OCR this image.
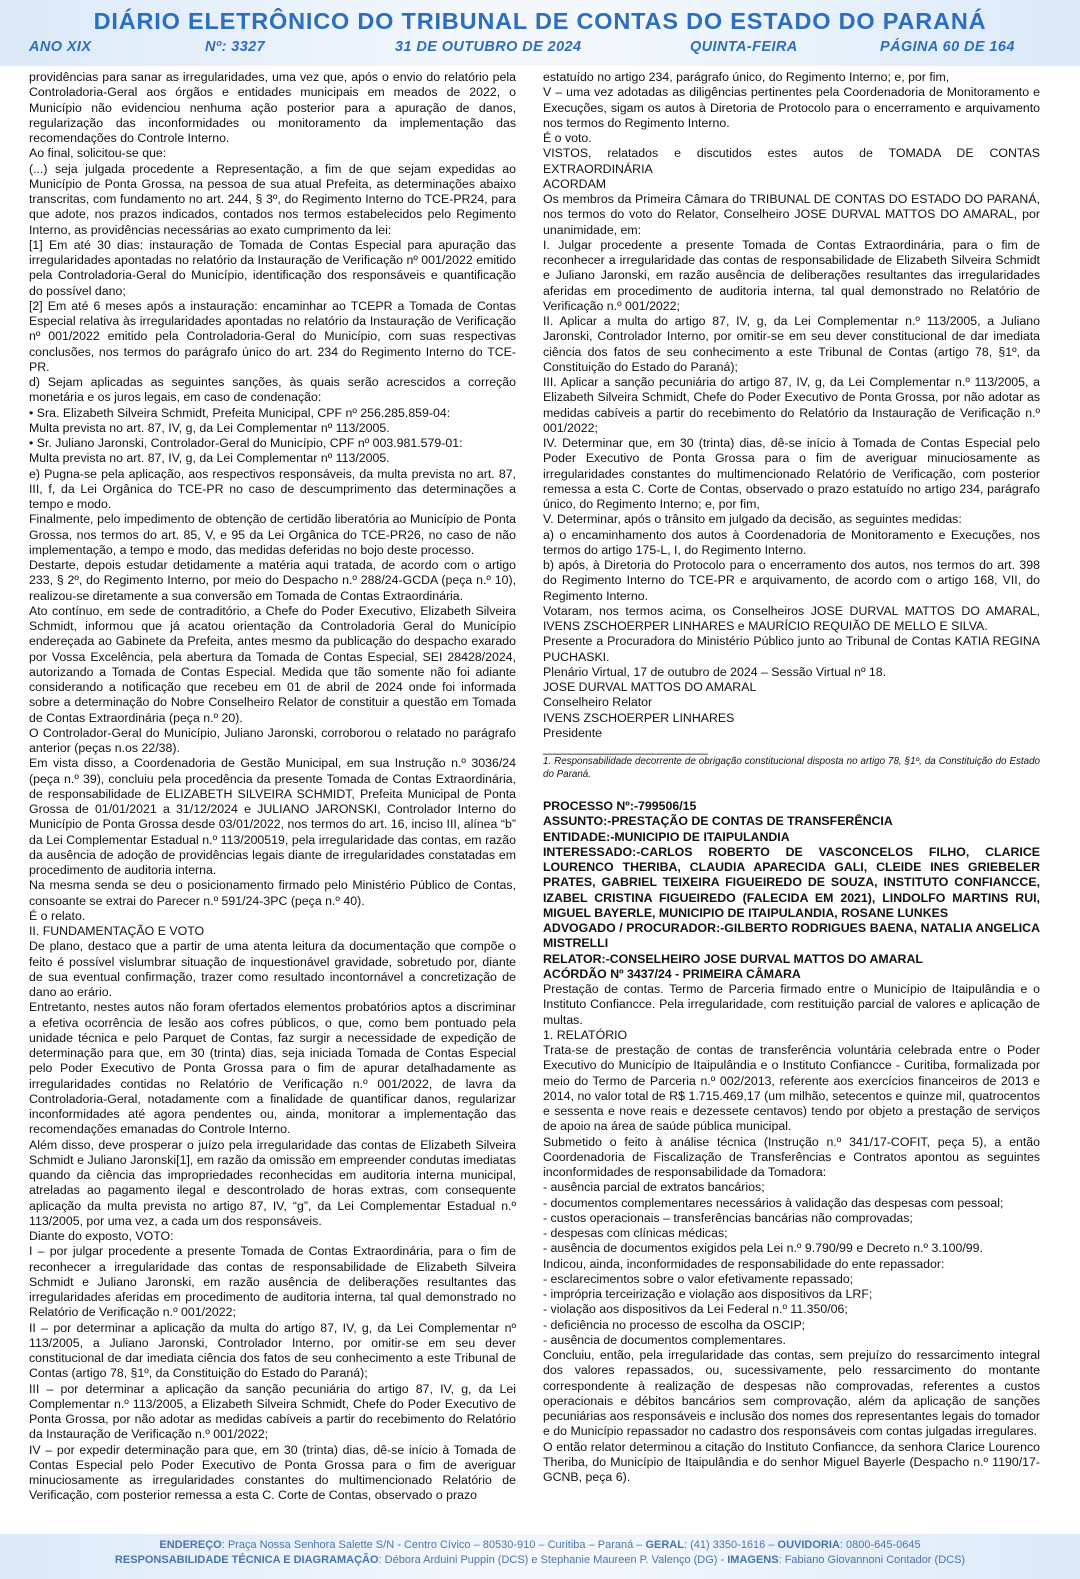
DIÁRIO ELETRÔNICO DO TRIBUNAL DE CONTAS DO ESTADO DO PARANÁ
ANO XIX	Nº: 3327	31 DE OUTUBRO DE 2024	QUINTA-FEIRA	PÁGINA 60 DE 164

providências para sanar as irregularidades, uma vez que, após o envio do relatório pela Controladoria-Geral aos órgãos e entidades municipais em meados de 2022, o Município não evidenciou nenhuma ação posterior para a apuração de danos, regularização das inconformidades ou monitoramento da implementação das recomendações do Controle Interno.

Ao final, solicitou-se que:

(...) seja julgada procedente a Representação, a fim de que sejam expedidas ao Município de Ponta Grossa, na pessoa de sua atual Prefeita, as determinações abaixo transcritas, com fundamento no art. 244, § 3º, do Regimento Interno do TCE-PR24, para que adote, nos prazos indicados, contados nos termos estabelecidos pelo Regimento Interno, as providências necessárias ao exato cumprimento da lei:

[1] Em até 30 dias: instauração de Tomada de Contas Especial para apuração das irregularidades apontadas no relatório da Instauração de Verificação nº 001/2022 emitido pela Controladoria-Geral do Município, identificação dos responsáveis e quantificação do possível dano;

[2] Em até 6 meses após a instauração: encaminhar ao TCEPR a Tomada de Contas Especial relativa às irregularidades apontadas no relatório da Instauração de Verificação nº 001/2022 emitido pela Controladoria-Geral do Município, com suas respectivas conclusões, nos termos do parágrafo único do art. 234 do Regimento Interno do TCE-PR.

d) Sejam aplicadas as seguintes sanções, às quais serão acrescidos a correção monetária e os juros legais, em caso de condenação:

• Sra. Elizabeth Silveira Schmidt, Prefeita Municipal, CPF nº 256.285.859-04:

Multa prevista no art. 87, IV, g, da Lei Complementar nº 113/2005.

• Sr. Juliano Jaronski, Controlador-Geral do Município, CPF nº 003.981.579-01:

Multa prevista no art. 87, IV, g, da Lei Complementar nº 113/2005.

e) Pugna-se pela aplicação, aos respectivos responsáveis, da multa prevista no art. 87, III, f, da Lei Orgânica do TCE-PR no caso de descumprimento das determinações a tempo e modo.

Finalmente, pelo impedimento de obtenção de certidão liberatória ao Município de Ponta Grossa, nos termos do art. 85, V, e 95 da Lei Orgânica do TCE-PR26, no caso de não implementação, a tempo e modo, das medidas deferidas no bojo deste processo.

Destarte, depois estudar detidamente a matéria aqui tratada, de acordo com o artigo 233, § 2º, do Regimento Interno, por meio do Despacho n.º 288/24-GCDA (peça n.º 10), realizou-se diretamente a sua conversão em Tomada de Contas Extraordinária.

Ato contínuo, em sede de contraditório, a Chefe do Poder Executivo, Elizabeth Silveira Schmidt, informou que já acatou orientação da Controladoria Geral do Município endereçada ao Gabinete da Prefeita, antes mesmo da publicação do despacho exarado por Vossa Excelência, pela abertura da Tomada de Contas Especial, SEI 28428/2024, autorizando a Tomada de Contas Especial. Medida que tão somente não foi adiante considerando a notificação que recebeu em 01 de abril de 2024 onde foi informada sobre a determinação do Nobre Conselheiro Relator de constituir a questão em Tomada de Contas Extraordinária (peça n.º 20).

O Controlador-Geral do Município, Juliano Jaronski, corroborou o relatado no parágrafo anterior (peças n.os 22/38).

Em vista disso, a Coordenadoria de Gestão Municipal, em sua Instrução n.º 3036/24 (peça n.º 39), concluiu pela procedência da presente Tomada de Contas Extraordinária, de responsabilidade de ELIZABETH SILVEIRA SCHMIDT, Prefeita Municipal de Ponta Grossa de 01/01/2021 a 31/12/2024 e JULIANO JARONSKI, Controlador Interno do Município de Ponta Grossa desde 03/01/2022, nos termos do art. 16, inciso III, alínea “b” da Lei Complementar Estadual n.º 113/200519, pela irregularidade das contas, em razão da ausência de adoção de providências legais diante de irregularidades constatadas em procedimento de auditoria interna.

Na mesma senda se deu o posicionamento firmado pelo Ministério Público de Contas, consoante se extrai do Parecer n.º 591/24-3PC (peça n.º 40).

É o relato.

II. FUNDAMENTAÇÃO E VOTO

De plano, destaco que a partir de uma atenta leitura da documentação que compõe o feito é possível vislumbrar situação de inquestionável gravidade, sobretudo por, diante de sua eventual confirmação, trazer como resultado incontornável a concretização de dano ao erário.

Entretanto, nestes autos não foram ofertados elementos probatórios aptos a discriminar a efetiva ocorrência de lesão aos cofres públicos, o que, como bem pontuado pela unidade técnica e pelo Parquet de Contas, faz surgir a necessidade de expedição de determinação para que, em 30 (trinta) dias, seja iniciada Tomada de Contas Especial pelo Poder Executivo de Ponta Grossa para o fim de apurar detalhadamente as irregularidades contidas no Relatório de Verificação n.º 001/2022, de lavra da Controladoria-Geral, notadamente com a finalidade de quantificar danos, regularizar inconformidades até agora pendentes ou, ainda, monitorar a implementação das recomendações emanadas do Controle Interno.

Além disso, deve prosperar o juízo pela irregularidade das contas de Elizabeth Silveira Schmidt e Juliano Jaronski[1], em razão da omissão em empreender condutas imediatas quando da ciência das impropriedades reconhecidas em auditoria interna municipal, atreladas ao pagamento ilegal e descontrolado de horas extras, com consequente aplicação da multa prevista no artigo 87, IV, “g”, da Lei Complementar Estadual n.º 113/2005, por uma vez, a cada um dos responsáveis.

Diante do exposto, VOTO:

I – por julgar procedente a presente Tomada de Contas Extraordinária, para o fim de reconhecer a irregularidade das contas de responsabilidade de Elizabeth Silveira Schmidt e Juliano Jaronski, em razão ausência de deliberações resultantes das irregularidades aferidas em procedimento de auditoria interna, tal qual demonstrado no Relatório de Verificação n.º 001/2022;

II – por determinar a aplicação da multa do artigo 87, IV, g, da Lei Complementar nº 113/2005, a Juliano Jaronski, Controlador Interno, por omitir-se em seu dever constitucional de dar imediata ciência dos fatos de seu conhecimento a este Tribunal de Contas (artigo 78, §1º, da Constituição do Estado do Paraná);

III – por determinar a aplicação da sanção pecuniária do artigo 87, IV, g, da Lei Complementar n.º 113/2005, a Elizabeth Silveira Schmidt, Chefe do Poder Executivo de Ponta Grossa, por não adotar as medidas cabíveis a partir do recebimento do Relatório da Instauração de Verificação n.º 001/2022;

IV – por expedir determinação para que, em 30 (trinta) dias, dê-se início à Tomada de Contas Especial pelo Poder Executivo de Ponta Grossa para o fim de averiguar minuciosamente as irregularidades constantes do multimencionado Relatório de Verificação, com posterior remessa a esta C. Corte de Contas, observado o prazo

estatuído no artigo 234, parágrafo único, do Regimento Interno; e, por fim,

V – uma vez adotadas as diligências pertinentes pela Coordenadoria de Monitoramento e Execuções, sigam os autos à Diretoria de Protocolo para o encerramento e arquivamento nos termos do Regimento Interno.

É o voto.

VISTOS, relatados e discutidos estes autos de TOMADA DE CONTAS EXTRAORDINÁRIA

ACORDAM

Os membros da Primeira Câmara do TRIBUNAL DE CONTAS DO ESTADO DO PARANÁ, nos termos do voto do Relator, Conselheiro JOSE DURVAL MATTOS DO AMARAL, por unanimidade, em:

I. Julgar procedente a presente Tomada de Contas Extraordinária, para o fim de reconhecer a irregularidade das contas de responsabilidade de Elizabeth Silveira Schmidt e Juliano Jaronski, em razão ausência de deliberações resultantes das irregularidades aferidas em procedimento de auditoria interna, tal qual demonstrado no Relatório de Verificação n.º 001/2022;

II. Aplicar a multa do artigo 87, IV, g, da Lei Complementar n.º 113/2005, a Juliano Jaronski, Controlador Interno, por omitir-se em seu dever constitucional de dar imediata ciência dos fatos de seu conhecimento a este Tribunal de Contas (artigo 78, §1º, da Constituição do Estado do Paraná);

III. Aplicar a sanção pecuniária do artigo 87, IV, g, da Lei Complementar n.º 113/2005, a Elizabeth Silveira Schmidt, Chefe do Poder Executivo de Ponta Grossa, por não adotar as medidas cabíveis a partir do recebimento do Relatório da Instauração de Verificação n.º 001/2022;

IV. Determinar que, em 30 (trinta) dias, dê-se início à Tomada de Contas Especial pelo Poder Executivo de Ponta Grossa para o fim de averiguar minuciosamente as irregularidades constantes do multimencionado Relatório de Verificação, com posterior remessa a esta C. Corte de Contas, observado o prazo estatuído no artigo 234, parágrafo único, do Regimento Interno; e, por fim,

V. Determinar, após o trânsito em julgado da decisão, as seguintes medidas:

a) o encaminhamento dos autos à Coordenadoria de Monitoramento e Execuções, nos termos do artigo 175-L, I, do Regimento Interno.

b) após, à Diretoria do Protocolo para o encerramento dos autos, nos termos do art. 398 do Regimento Interno do TCE-PR e arquivamento, de acordo com o artigo 168, VII, do Regimento Interno.

Votaram, nos termos acima, os Conselheiros JOSE DURVAL MATTOS DO AMARAL, IVENS ZSCHOERPER LINHARES e MAURÍCIO REQUIÃO DE MELLO E SILVA.

Presente a Procuradora do Ministério Público junto ao Tribunal de Contas KATIA REGINA PUCHASKI.

Plenário Virtual, 17 de outubro de 2024 – Sessão Virtual nº 18.

JOSE DURVAL MATTOS DO AMARAL

Conselheiro Relator

IVENS ZSCHOERPER LINHARES

Presidente

________________________

1. Responsabilidade decorrente de obrigação constitucional disposta no artigo 78, §1º, da Constituição do Estado do Paraná.

PROCESSO Nº:-799506/15

ASSUNTO:-PRESTAÇÃO DE CONTAS DE TRANSFERÊNCIA

ENTIDADE:-MUNICIPIO DE ITAIPULANDIA

INTERESSADO:-CARLOS ROBERTO DE VASCONCELOS FILHO, CLARICE LOURENCO THERIBA, CLAUDIA APARECIDA GALI, CLEIDE INES GRIEBELER PRATES, GABRIEL TEIXEIRA FIGUEIREDO DE SOUZA, INSTITUTO CONFIANCCE, IZABEL CRISTINA FIGUEIREDO (FALECIDA EM 2021), LINDOLFO MARTINS RUI, MIGUEL BAYERLE, MUNICIPIO DE ITAIPULANDIA, ROSANE LUNKES

ADVOGADO / PROCURADOR:-GILBERTO RODRIGUES BAENA, NATALIA ANGELICA MISTRELLI

RELATOR:-CONSELHEIRO JOSE DURVAL MATTOS DO AMARAL

ACÓRDÃO Nº 3437/24 - PRIMEIRA CÂMARA

Prestação de contas. Termo de Parceria firmado entre o Município de Itaipulândia e o Instituto Confiancce. Pela irregularidade, com restituição parcial de valores e aplicação de multas.

1. RELATÓRIO

Trata-se de prestação de contas de transferência voluntária celebrada entre o Poder Executivo do Município de Itaipulândia e o Instituto Confiancce - Curitiba, formalizada por meio do Termo de Parceria n.º 002/2013, referente aos exercícios financeiros de 2013 e 2014, no valor total de R$ 1.715.469,17 (um milhão, setecentos e quinze mil, quatrocentos e sessenta e nove reais e dezessete centavos) tendo por objeto a prestação de serviços de apoio na área de saúde pública municipal.

Submetido o feito à análise técnica (Instrução n.º 341/17-COFIT, peça 5), a então Coordenadoria de Fiscalização de Transferências e Contratos apontou as seguintes inconformidades de responsabilidade da Tomadora:

- ausência parcial de extratos bancários;

- documentos complementares necessários à validação das despesas com pessoal;

- custos operacionais – transferências bancárias não comprovadas;

- despesas com clínicas médicas;

- ausência de documentos exigidos pela Lei n.º 9.790/99 e Decreto n.º 3.100/99.

Indicou, ainda, inconformidades de responsabilidade do ente repassador:

- esclarecimentos sobre o valor efetivamente repassado;

- imprópria terceirização e violação aos dispositivos da LRF;

- violação aos dispositivos da Lei Federal n.º 11.350/06;

- deficiência no processo de escolha da OSCIP;

- ausência de documentos complementares.

Concluiu, então, pela irregularidade das contas, sem prejuízo do ressarcimento integral dos valores repassados, ou, sucessivamente, pelo ressarcimento do montante correspondente à realização de despesas não comprovadas, referentes a custos operacionais e débitos bancários sem comprovação, além da aplicação de sanções pecuniárias aos responsáveis e inclusão dos nomes dos representantes legais do tomador e do Município repassador no cadastro dos responsáveis com contas julgadas irregulares.

O então relator determinou a citação do Instituto Confiancce, da senhora Clarice Lourenco Theriba, do Município de Itaipulândia e do senhor Miguel Bayerle (Despacho n.º 1190/17-GCNB, peça 6).

ENDEREÇO: Praça Nossa Senhora Salette S/N - Centro Cívico – 80530-910 – Curitiba – Paraná – GERAL: (41) 3350-1616 – OUVIDORIA: 0800-645-0645
RESPONSABILIDADE TÉCNICA E DIAGRAMAÇÃO: Débora Arduini Puppin (DCS) e Stephanie Maureen P. Valenço (DG) - IMAGENS: Fabiano Giovannoni Contador (DCS)
